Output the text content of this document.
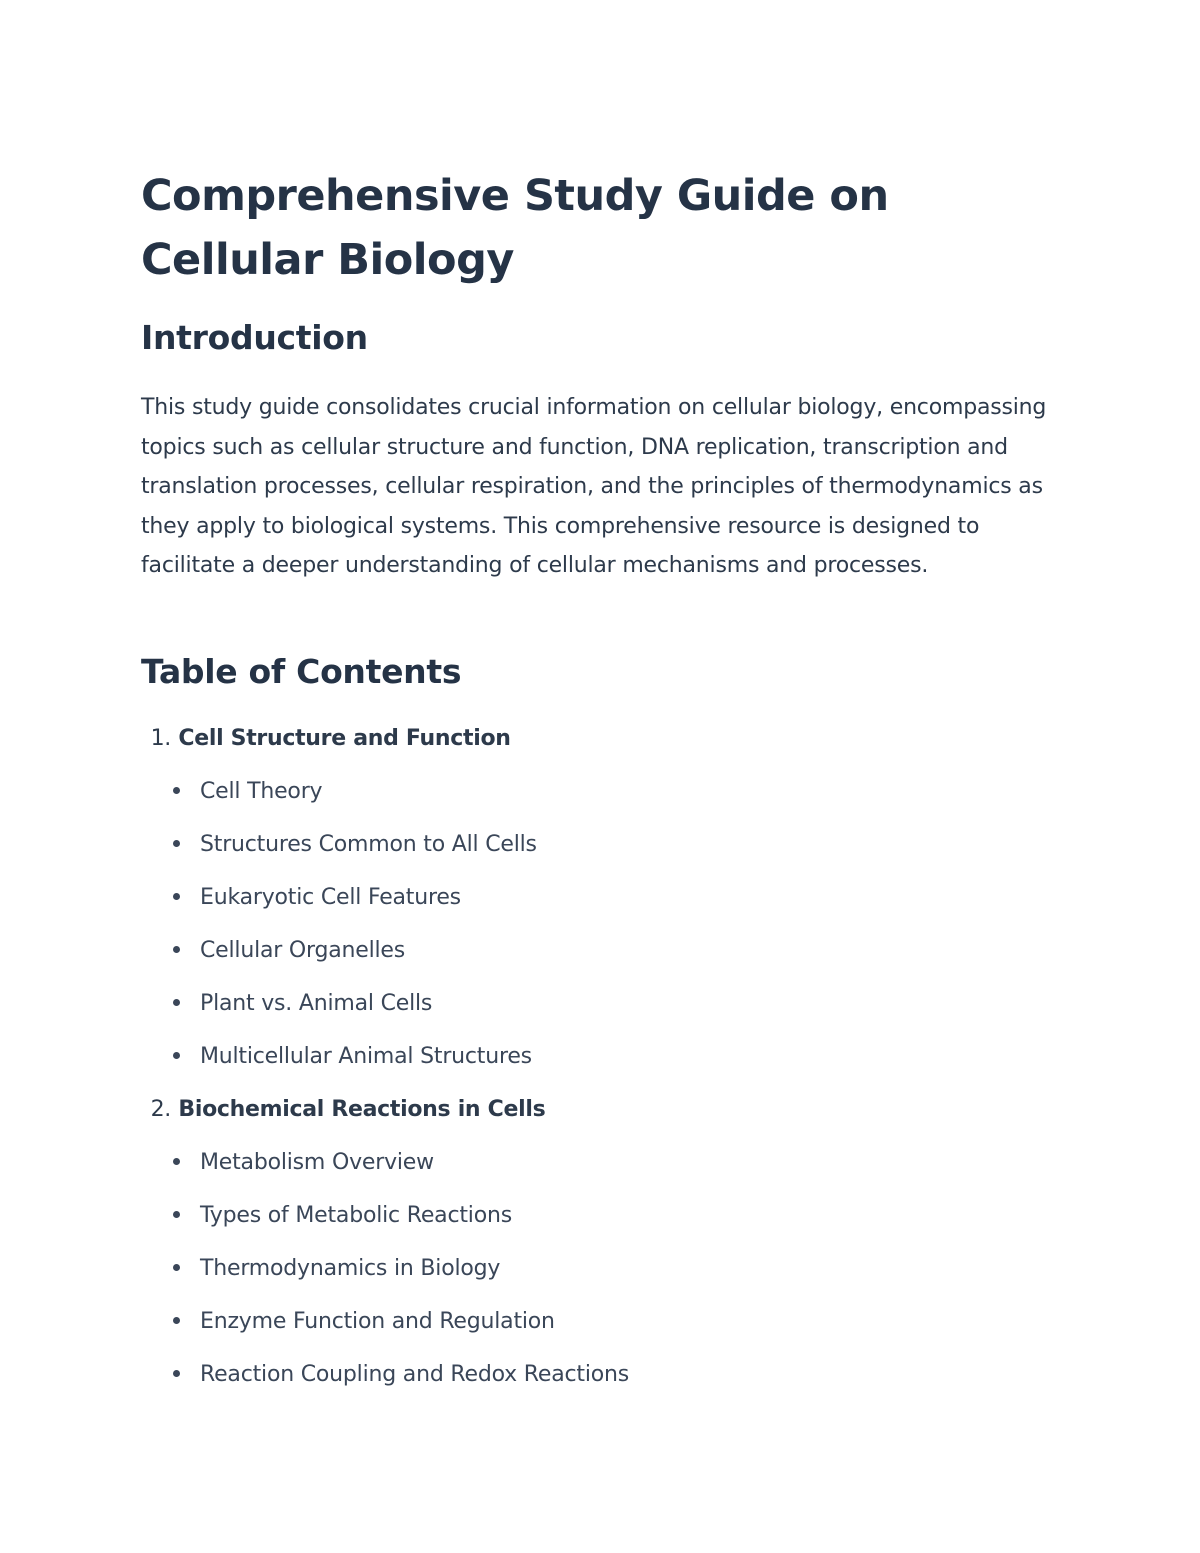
Comprehensive Study Guide on Cellular Biology
Introduction

This study guide consolidates crucial information on cellular biology, encompassing topics such as cellular structure and function, DNA replication, transcription and translation processes, cellular respiration, and the principles of thermodynamics as they apply to biological systems. This comprehensive resource is designed to facilitate a deeper understanding of cellular mechanisms and processes.

Table of Contents
1. Cell Structure and Function
Cell Theory
Structures Common to All Cells
Eukaryotic Cell Features
Cellular Organelles
Plant vs. Animal Cells
Multicellular Animal Structures
2. Biochemical Reactions in Cells
Metabolism Overview
Types of Metabolic Reactions
Thermodynamics in Biology
Enzyme Function and Regulation
Reaction Coupling and Redox Reactions
